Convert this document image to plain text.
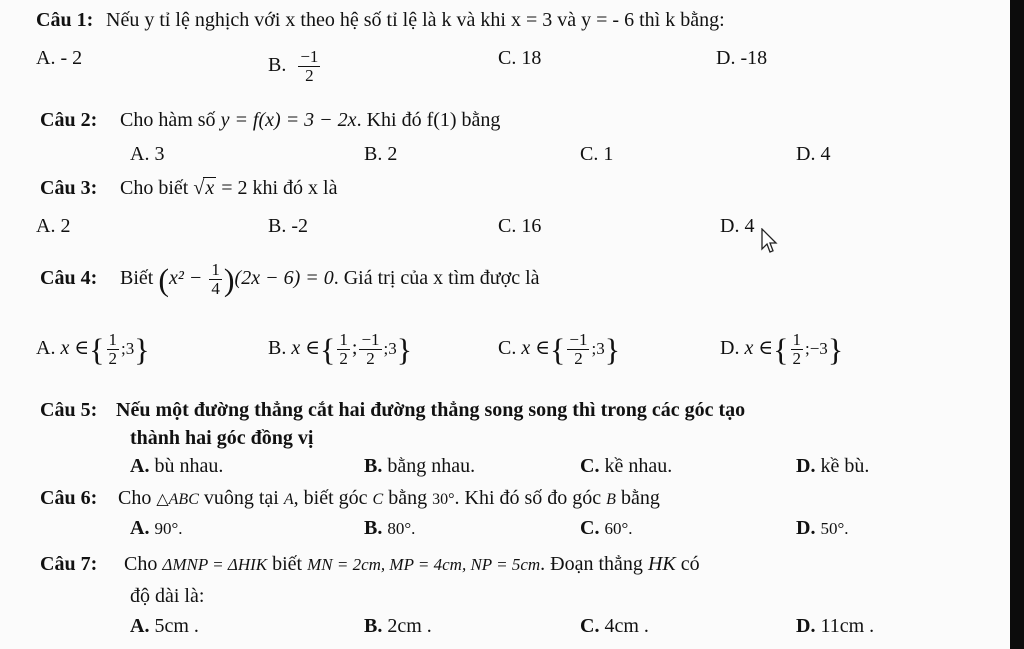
Câu 1: Nếu y tỉ lệ nghịch với x theo hệ số tỉ lệ là k và khi x = 3 và y = - 6 thì k bằng:
A. - 2	B. $\frac{-1}{2}$	C. 18	D. -18
Câu 2: Cho hàm số y = f(x) = 3 − 2x. Khi đó f(1) bằng
A. 3	B. 2	C. 1	D. 4
Câu 3: Cho biết √x = 2 khi đó x là
A. 2	B. -2	C. 16	D. 4
Câu 4: Biết $(x^2 - \frac{1}{4} )(2x - 6) = 0$. Giá trị của x tìm được là
A. x ∈{ $\frac{1}{2}$ ;3}	B. x ∈{ $\frac{1}{2}$ ; $\frac{-1}{2}$ ;3}	C. x ∈{ $\frac{-1}{2}$ ;3}	D. x ∈{ $\frac{1}{2}$ ;−3}
Câu 5: Nếu một đường thẳng cắt hai đường thẳng song song thì trong các góc tạo
thành hai góc đồng vị
A. bù nhau.	B. bằng nhau.	C. kề nhau.	D. kề bù.
Câu 6: Cho △ABC vuông tại A, biết góc C bằng 30°. Khi đó số đo góc B bằng
A. 90°.	B. 80°.	C. 60°.	D. 50°.
Câu 7: Cho ΔMNP = ΔHIK biết MN = 2cm, MP = 4cm, NP = 5cm. Đoạn thẳng HK có
độ dài là:
A. 5cm .	B. 2cm .	C. 4cm .	D. 11cm .
